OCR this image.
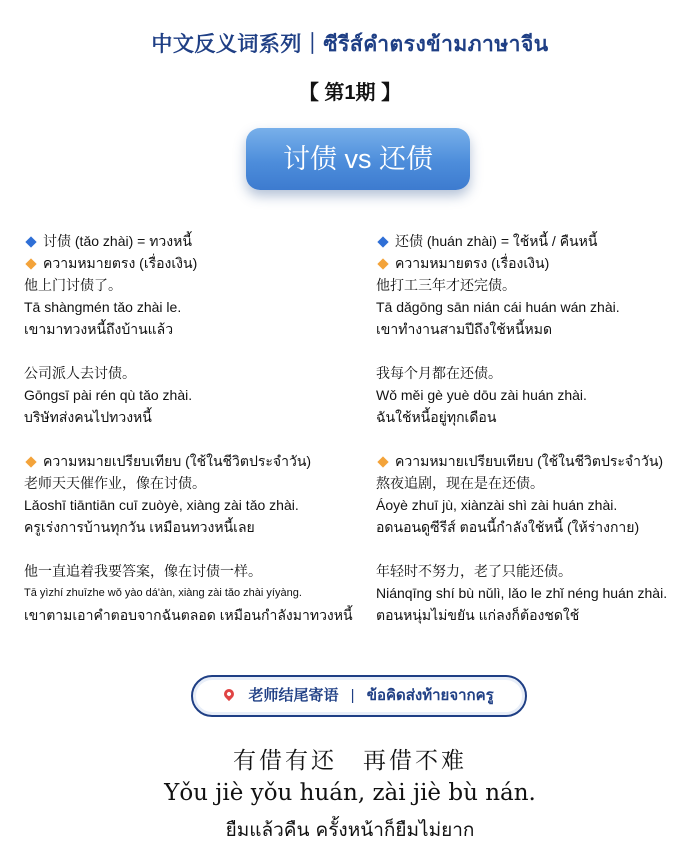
中文反义词系列｜ซีรีส์คำตรงข้ามภาษาจีน
【 第1期 】
讨债 vs 还债
讨债 (tǎo zhài) = ทวงหนี้
ความหมายตรง (เรื่องเงิน)
他上门讨债了。
Tā shàngmén tǎo zhài le.
เขามาทวงหนี้ถึงบ้านแล้ว
公司派人去讨债。
Gōngsī pài rén qù tǎo zhài.
บริษัทส่งคนไปทวงหนี้
ความหมายเปรียบเทียบ (ใช้ในชีวิตประจำวัน)
老师天天催作业，像在讨债。
Lǎoshī tiāntiān cuī zuòyè, xiàng zài tǎo zhài.
ครูเร่งการบ้านทุกวัน เหมือนทวงหนี้เลย
他一直追着我要答案，像在讨债一样。
Tā yìzhí zhuīzhe wǒ yào dá'àn, xiàng zài tǎo zhài yíyàng.
เขาตามเอาคำตอบจากฉันตลอด เหมือนกำลังมาทวงหนี้
还债 (huán zhài) = ใช้หนี้ / คืนหนี้
ความหมายตรง (เรื่องเงิน)
他打工三年才还完债。
Tā dǎgōng sān nián cái huán wán zhài.
เขาทำงานสามปีถึงใช้หนี้หมด
我每个月都在还债。
Wǒ měi gè yuè dōu zài huán zhài.
ฉันใช้หนี้อยู่ทุกเดือน
ความหมายเปรียบเทียบ (ใช้ในชีวิตประจำวัน)
熬夜追剧，现在是在还债。
Áoyè zhuī jù, xiànzài shì zài huán zhài.
อดนอนดูซีรีส์ ตอนนี้กำลังใช้หนี้ (ให้ร่างกาย)
年轻时不努力，老了只能还债。
Niánqīng shí bù nǔlì, lǎo le zhǐ néng huán zhài.
ตอนหนุ่มไม่ขยัน แก่ลงก็ต้องชดใช้
老师结尾寄语 | ข้อคิดส่งท้ายจากครู
有借有还　再借不难
Yǒu jiè yǒu huán, zài jiè bù nán.
ยืมแล้วคืน ครั้งหน้าก็ยืมไม่ยาก
